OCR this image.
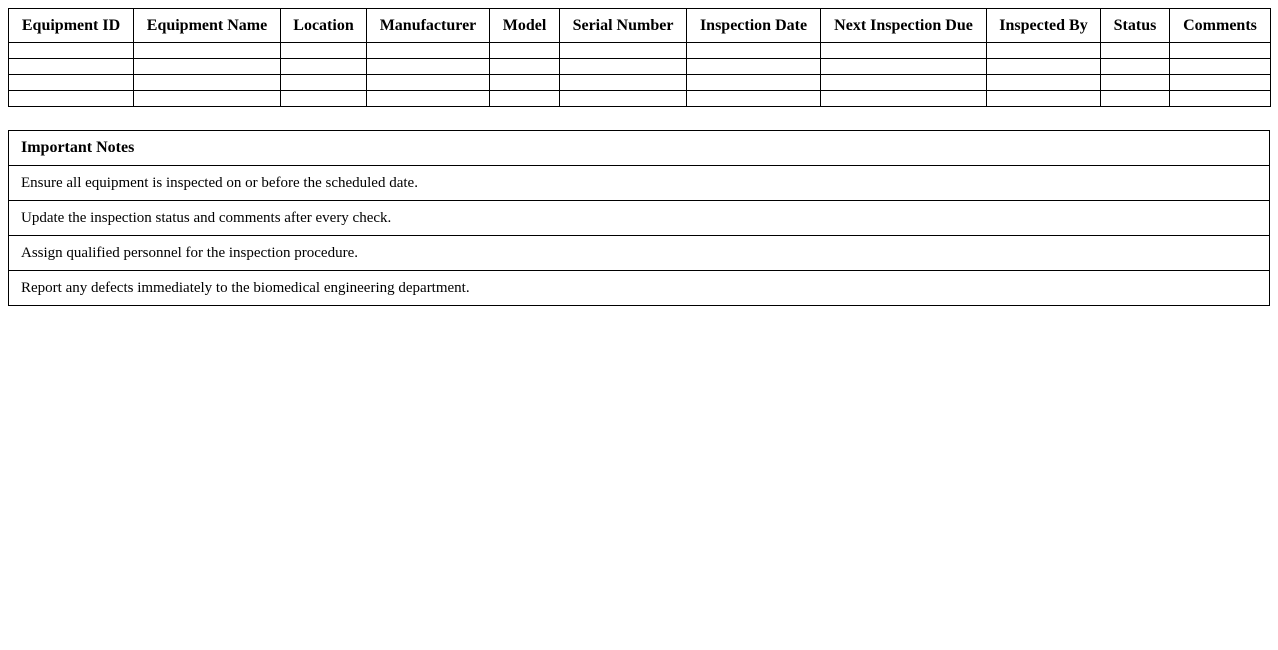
Equipment ID	Equipment Name	Location	Manufacturer	Model	Serial Number	Inspection Date	Next Inspection Due	Inspected By	Status	Comments

Important Notes
Ensure all equipment is inspected on or before the scheduled date.
Update the inspection status and comments after every check.
Assign qualified personnel for the inspection procedure.
Report any defects immediately to the biomedical engineering department.
